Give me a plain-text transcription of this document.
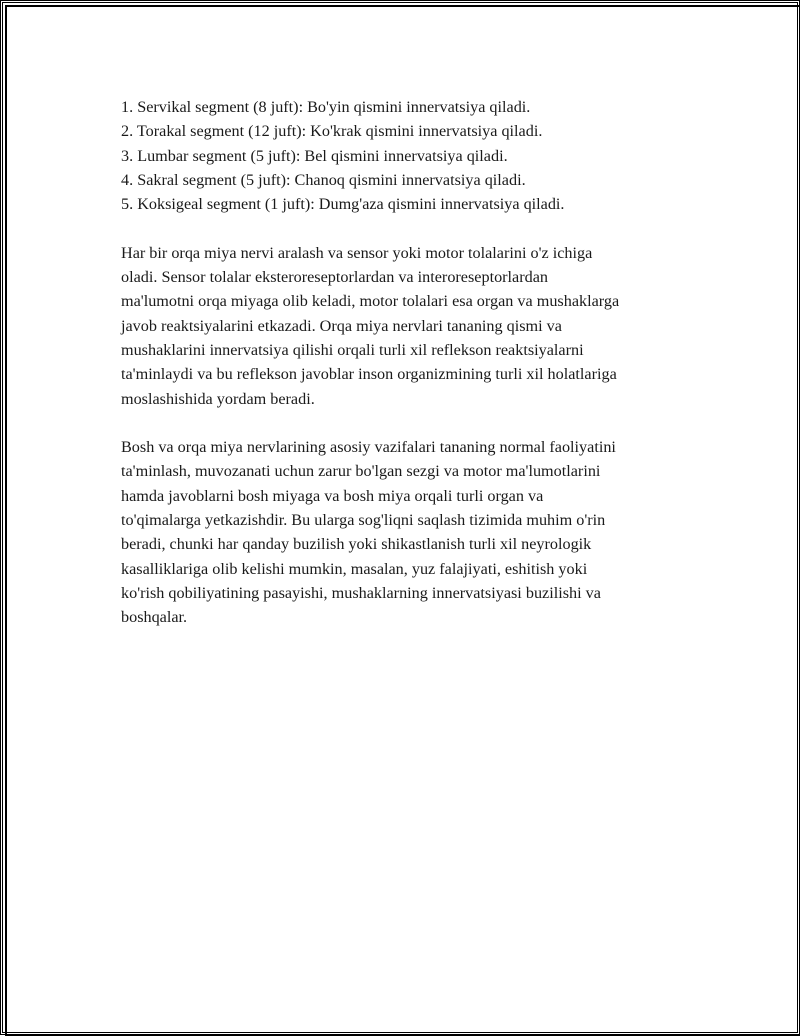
1. Servikal segment (8 juft): Bo'yin qismini innervatsiya qiladi.
2. Torakal segment (12 juft): Ko'krak qismini innervatsiya qiladi.
3. Lumbar segment (5 juft): Bel qismini innervatsiya qiladi.
4. Sakral segment (5 juft): Chanoq qismini innervatsiya qiladi.
5. Koksigeal segment (1 juft): Dumg'aza qismini innervatsiya qiladi.

Har bir orqa miya nervi aralash va sensor yoki motor tolalarini o'z ichiga
oladi. Sensor tolalar eksteroreseptorlardan va interoreseptorlardan
ma'lumotni orqa miyaga olib keladi, motor tolalari esa organ va mushaklarga
javob reaktsiyalarini etkazadi. Orqa miya nervlari tananing qismi va
mushaklarini innervatsiya qilishi orqali turli xil reflekson reaktsiyalarni
ta'minlaydi va bu reflekson javoblar inson organizmining turli xil holatlariga
moslashishida yordam beradi.

Bosh va orqa miya nervlarining asosiy vazifalari tananing normal faoliyatini
ta'minlash, muvozanati uchun zarur bo'lgan sezgi va motor ma'lumotlarini
hamda javoblarni bosh miyaga va bosh miya orqali turli organ va
to'qimalarga yetkazishdir. Bu ularga sog'liqni saqlash tizimida muhim o'rin
beradi, chunki har qanday buzilish yoki shikastlanish turli xil neyrologik
kasalliklariga olib kelishi mumkin, masalan, yuz falajiyati, eshitish yoki
ko'rish qobiliyatining pasayishi, mushaklarning innervatsiyasi buzilishi va
boshqalar.
